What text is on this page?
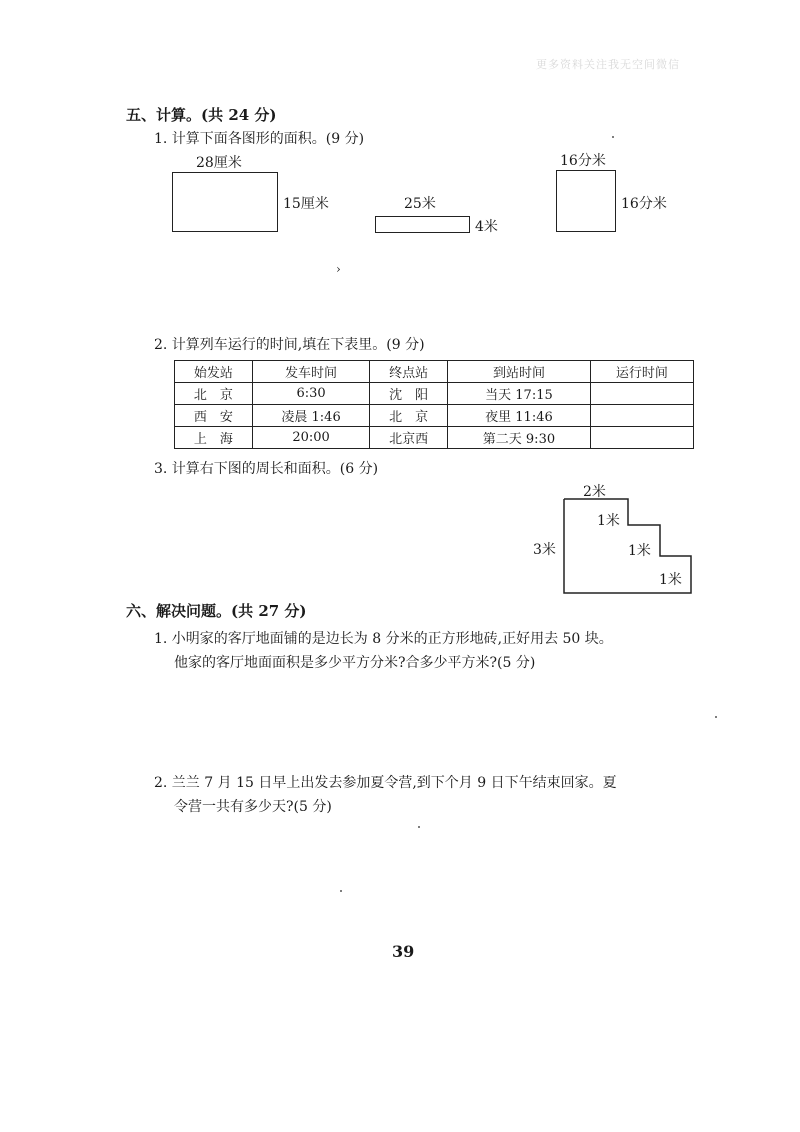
更多资料关注我无空间微信
五、计算。(共 24 分)
1. 计算下面各图形的面积。(9 分)
28厘米
15厘米	25米
4米
16分米
16分米
›
2. 计算列车运行的时间,填在下表里。(9 分)
始发站	发车时间	终点站	到站时间	运行时间
北　京	6:30	沈　阳	当天 17:15	
西　安	凌晨 1:46	北　京	夜里 11:46	
上　海	20:00	北京西	第二天 9:30	
3. 计算右下图的周长和面积。(6 分)
2米
3米
1米
1米
1米
六、解决问题。(共 27 分)
1. 小明家的客厅地面铺的是边长为 8 分米的正方形地砖,正好用去 50 块。
他家的客厅地面面积是多少平方分米?合多少平方米?(5 分)
2. 兰兰 7 月 15 日早上出发去参加夏令营,到下个月 9 日下午结束回家。夏
令营一共有多少天?(5 分)
39
